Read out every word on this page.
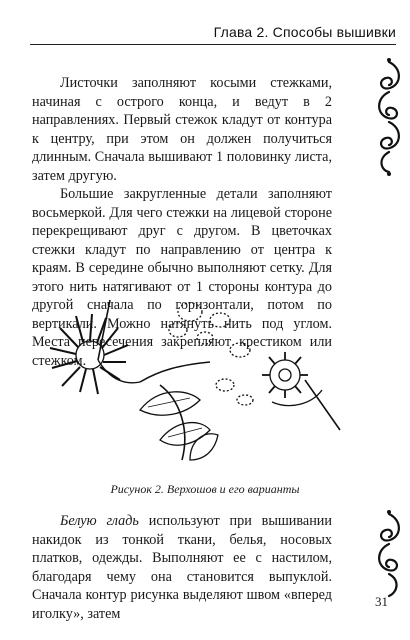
Глава 2. Способы вышивки

Листочки заполняют косыми стежками, начиная с острого конца, и ведут в 2 направлениях. Первый стежок кладут от контура к центру, при этом он должен получиться длинным. Сначала вышивают 1 половинку листа, затем другую.

Большие закругленные детали заполняют восьмеркой. Для чего стежки на лицевой стороне перекрещивают друг с другом. В цветочках стежки кладут по направлению от центра к краям. В середине обычно выполняют сетку. Для этого нить натягивают от 1 стороны контура до другой сначала по горизонтали, потом по вертикали. Можно натянуть нить под углом. Места пересечения закрепляют крестиком или стежком.

Рисунок 2. Верхошов и его варианты

Белую гладь используют при вышивании накидок из тонкой ткани, белья, носовых платков, одежды. Выполняют ее с настилом, благодаря чему она становится выпуклой. Сначала контур рисунка выделяют швом «вперед иголку», затем

31
